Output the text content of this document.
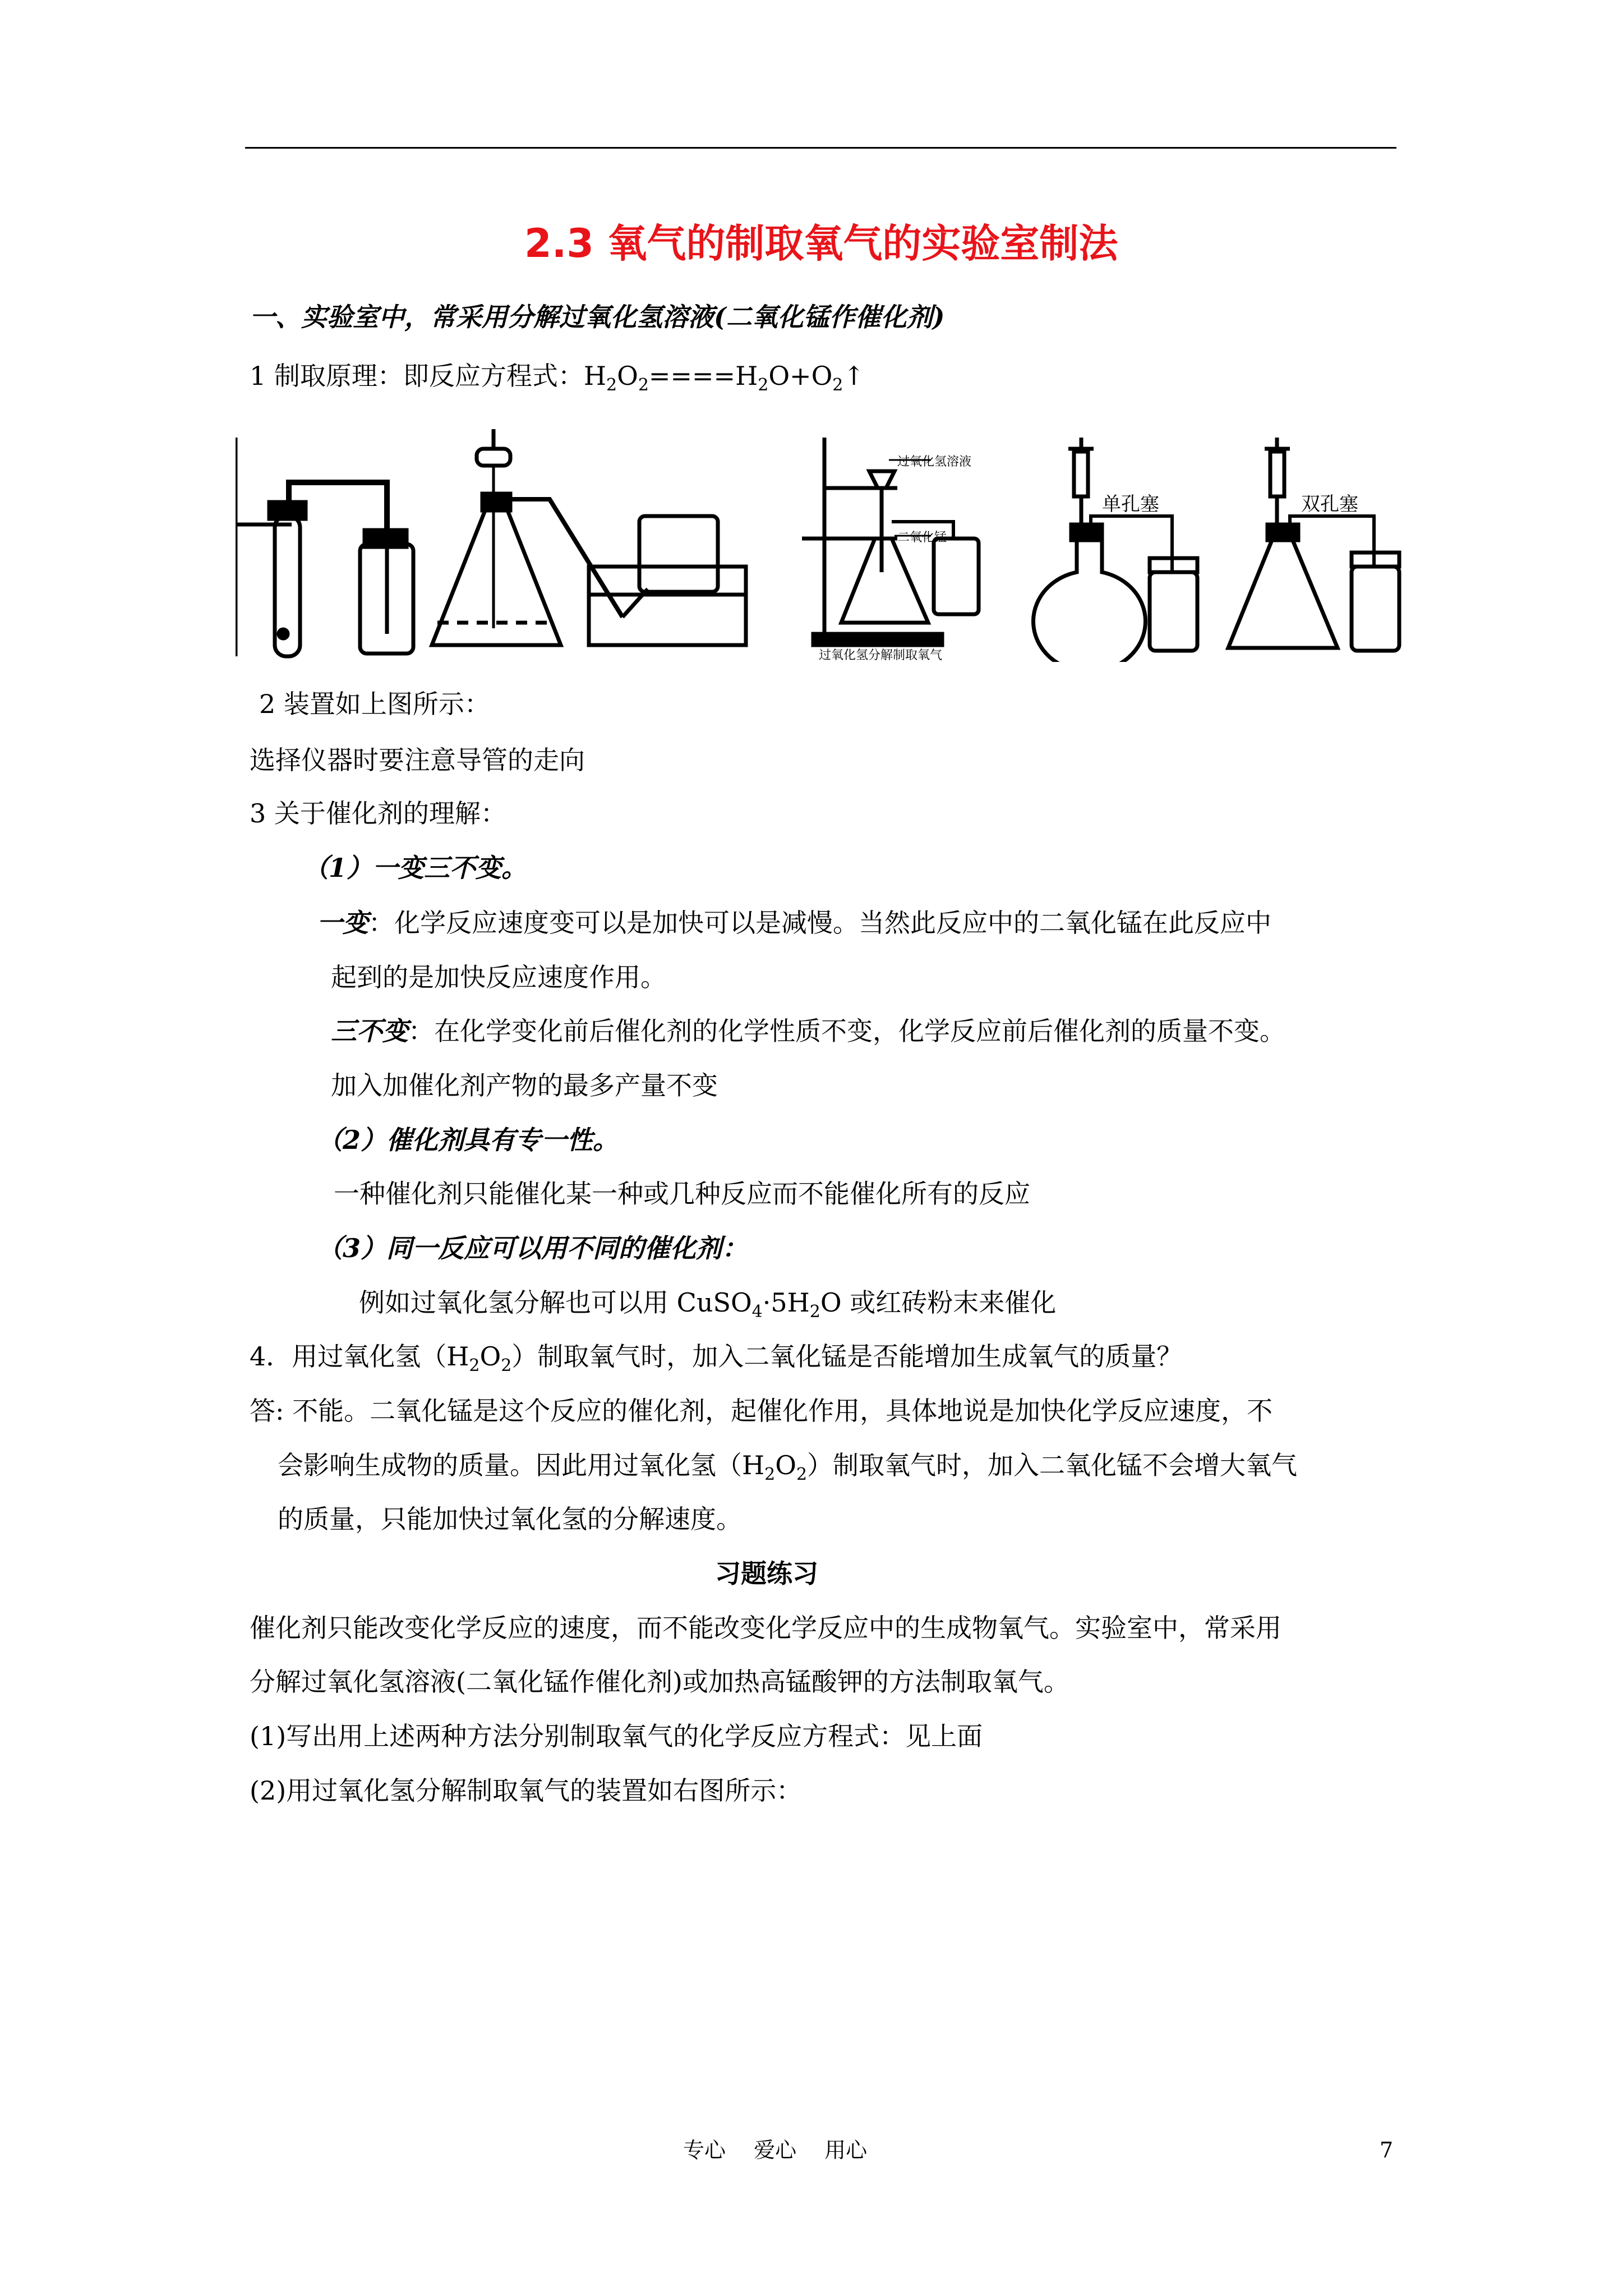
2.3 氧气的制取氧气的实验室制法
一、实验室中，常采用分解过氧化氢溶液(二氧化锰作催化剂)
1 制取原理：即反应方程式：$H_2O_2====H_2O+O_2↑$
过氧化氢溶液
二氧化锰
过氧化氢分解制取氧气
单孔塞	双孔塞
2 装置如上图所示：
选择仪器时要注意导管的走向
3 关于催化剂的理解：
（1）一变三不变。
一变：化学反应速度变可以是加快可以是减慢。当然此反应中的二氧化锰在此反应中
起到的是加快反应速度作用。
三不变：在化学变化前后催化剂的化学性质不变，化学反应前后催化剂的质量不变。
加入加催化剂产物的最多产量不变
（2）催化剂具有专一性。
一种催化剂只能催化某一种或几种反应而不能催化所有的反应
（3）同一反应可以用不同的催化剂：
例如过氧化氢分解也可以用 $CuSO_4\cdot 5H_2O$ 或红砖粉末来催化
4．用过氧化氢$(H_2O_2)$制取氧气时，加入二氧化锰是否能增加生成氧气的质量？
答: 不能。二氧化锰是这个反应的催化剂，起催化作用，具体地说是加快化学反应速度，不
会影响生成物的质量。因此用过氧化氢$(H_2O_2)$制取氧气时，加入二氧化锰不会增大氧气
的质量，只能加快过氧化氢的分解速度。
习题练习
催化剂只能改变化学反应的速度，而不能改变化学反应中的生成物氧气。实验室中，常采用
分解过氧化氢溶液(二氧化锰作催化剂)或加热高锰酸钾的方法制取氧气。
(1)写出用上述两种方法分别制取氧气的化学反应方程式：见上面
(2)用过氧化氢分解制取氧气的装置如右图所示：
专心　 爱心　 用心	7
